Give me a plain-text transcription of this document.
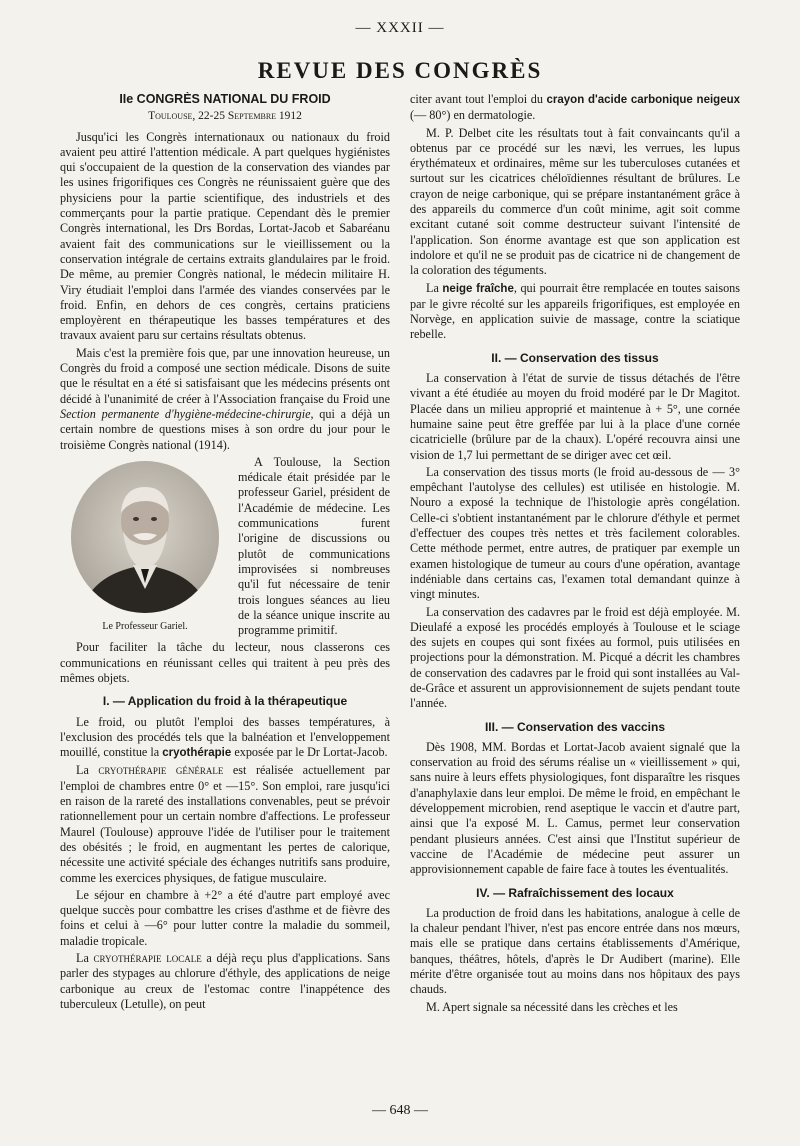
— XXXII —
REVUE DES CONGRÈS
IIe CONGRÈS NATIONAL DU FROID
Toulouse, 22-25 Septembre 1912

Jusqu'ici les Congrès internationaux ou nationaux du froid avaient peu attiré l'attention médicale. A part quelques hygiénistes qui s'occupaient de la question de la conservation des viandes par les usines frigorifiques ces Congrès ne réunissaient guère que des physiciens pour la partie scientifique, des industriels et des commerçants pour la partie pratique. Cependant dès le premier Congrès international, les Drs Bordas, Lortat-Jacob et Sabaréanu avaient fait des communications sur le vieillissement ou la conservation intégrale de certains extraits glandulaires par le froid. De même, au premier Congrès national, le médecin militaire H. Viry étudiait l'emploi dans l'armée des viandes conservées par le froid. Enfin, en dehors de ces congrès, certains praticiens employèrent en thérapeutique les basses températures et des travaux avaient paru sur certains résultats obtenus.

Mais c'est la première fois que, par une innovation heureuse, un Congrès du froid a composé une section médicale. Disons de suite que le résultat en a été si satisfaisant que les médecins présents ont décidé à l'unanimité de créer à l'Association française du Froid une Section permanente d'hygiène-médecine-chirurgie, qui a déjà un certain nombre de questions mises à son ordre du jour pour le troisième Congrès national (1914).

Le Professeur Gariel.

A Toulouse, la Section médicale était présidée par le professeur Gariel, président de l'Académie de médecine. Les communications furent l'origine de discussions ou plutôt de communications improvisées si nombreuses qu'il fut nécessaire de tenir trois longues séances au lieu de la séance unique inscrite au programme primitif.

Pour faciliter la tâche du lecteur, nous classerons ces communications en réunissant celles qui traitent à peu près des mêmes objets.

I. — Application du froid à la thérapeutique

Le froid, ou plutôt l'emploi des basses températures, à l'exclusion des procédés tels que la balnéation et l'enveloppement mouillé, constitue la cryothérapie exposée par le Dr Lortat-Jacob.

La cryothérapie générale est réalisée actuellement par l'emploi de chambres entre 0° et —15°. Son emploi, rare jusqu'ici en raison de la rareté des installations convenables, peut se prévoir rationnellement pour un certain nombre d'affections. Le professeur Maurel (Toulouse) approuve l'idée de l'utiliser pour le traitement des obésités ; le froid, en augmentant les pertes de calorique, nécessite une activité spéciale des échanges nutritifs sans produire, comme les exercices physiques, de fatigue musculaire.

Le séjour en chambre à +2° a été d'autre part employé avec quelque succès pour combattre les crises d'asthme et de fièvre des foins et celui à —6° pour lutter contre la maladie du sommeil, maladie tropicale.

La cryothérapie locale a déjà reçu plus d'applications. Sans parler des stypages au chlorure d'éthyle, des applications de neige carbonique au creux de l'estomac contre l'inappétence des tuberculeux (Letulle), on peut

citer avant tout l'emploi du crayon d'acide carbonique neigeux (— 80°) en dermatologie.

M. P. Delbet cite les résultats tout à fait convaincants qu'il a obtenus par ce procédé sur les nævi, les verrues, les lupus érythémateux et ordinaires, même sur les tuberculoses cutanées et surtout sur les cicatrices chéloïdiennes résultant de brûlures. Le crayon de neige carbonique, qui se prépare instantanément grâce à des appareils du commerce d'un coût minime, agit soit comme excitant cutané soit comme destructeur suivant l'intensité de l'application. Son énorme avantage est que son application est indolore et qu'il ne se produit pas de cicatrice ni de changement de la coloration des téguments.

La neige fraîche, qui pourrait être remplacée en toutes saisons par le givre récolté sur les appareils frigorifiques, est employée en Norvège, en application suivie de massage, contre la sciatique rebelle.

II. — Conservation des tissus

La conservation à l'état de survie de tissus détachés de l'être vivant a été étudiée au moyen du froid modéré par le Dr Magitot. Placée dans un milieu approprié et maintenue à + 5°, une cornée humaine saine peut être greffée par lui à la place d'une cornée cicatricielle (brûlure par de la chaux). L'opéré recouvra ainsi une vision de 1,7 lui permettant de se diriger avec cet œil.

La conservation des tissus morts (le froid au-dessous de — 3° empêchant l'autolyse des cellules) est utilisée en histologie. M. Nouro a exposé la technique de l'histologie après congélation. Celle-ci s'obtient instantanément par le chlorure d'éthyle et permet d'effectuer des coupes très nettes et très facilement colorables. Cette méthode permet, entre autres, de pratiquer par exemple un examen histologique de tumeur au cours d'une opération, avantage indéniable dans certains cas, l'examen total demandant quinze à vingt minutes.

La conservation des cadavres par le froid est déjà employée. M. Dieulafé a exposé les procédés employés à Toulouse et le sciage des sujets en coupes qui sont fixées au formol, puis utilisées en projections pour la démonstration. M. Picqué a décrit les chambres de conservation des cadavres par le froid qui sont installées au Val-de-Grâce et assurent un approvisionnement de sujets pendant toute l'année.

III. — Conservation des vaccins

Dès 1908, MM. Bordas et Lortat-Jacob avaient signalé que la conservation au froid des sérums réalise un « vieillissement » qui, sans nuire à leurs effets physiologiques, font disparaître les risques d'anaphylaxie dans leur emploi. De même le froid, en empêchant le développement microbien, rend aseptique le vaccin et d'autre part, ainsi que l'a exposé M. L. Camus, permet leur conservation pendant plusieurs années. C'est ainsi que l'Institut supérieur de vaccine de l'Académie de médecine peut assurer un approvisionnement capable de faire face à toutes les éventualités.

IV. — Rafraîchissement des locaux

La production de froid dans les habitations, analogue à celle de la chaleur pendant l'hiver, n'est pas encore entrée dans nos mœurs, mais elle se pratique dans certains établissements d'Amérique, banques, théâtres, hôtels, d'après le Dr Audibert (marine). Elle mérite d'être organisée tout au moins dans nos hôpitaux des pays chauds.

M. Apert signale sa nécessité dans les crèches et les

— 648 —
